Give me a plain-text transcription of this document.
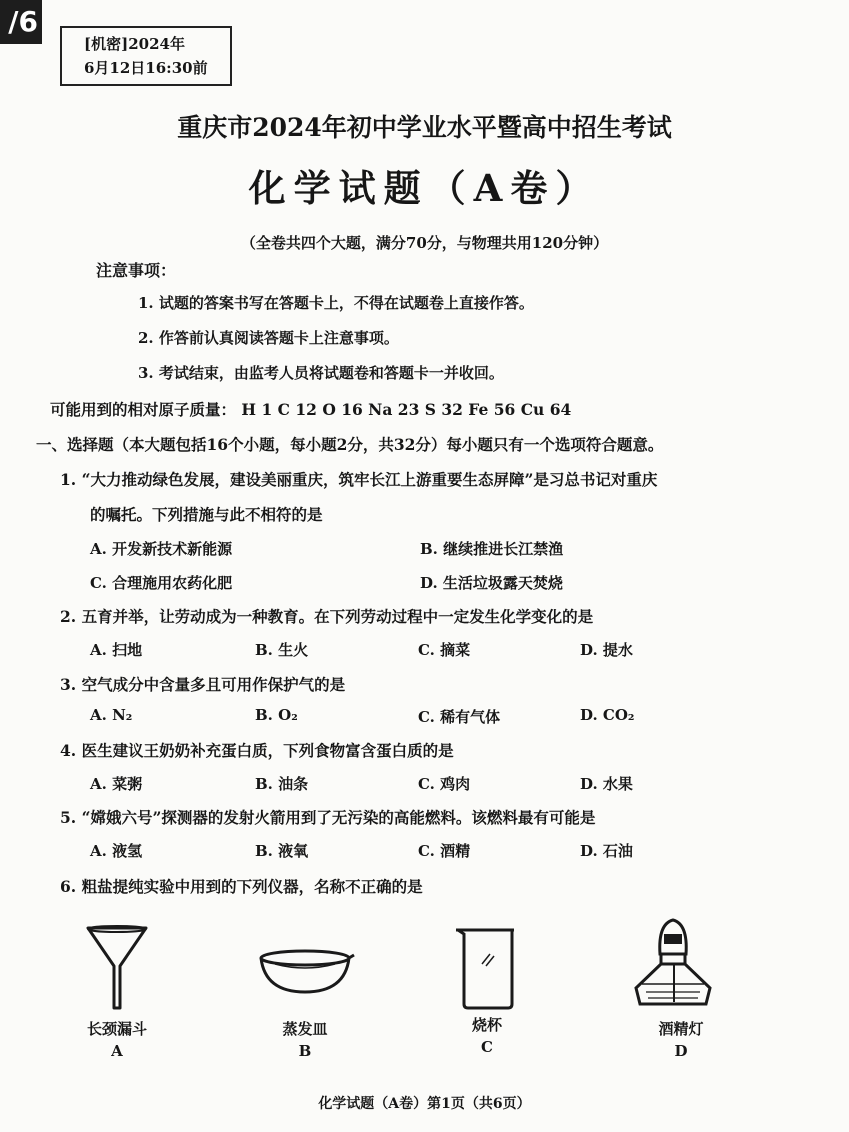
/6
[机密]2024年
6月12日16:30前
重庆市2024年初中学业水平暨高中招生考试
化学试题（A卷）
（全卷共四个大题，满分70分，与物理共用120分钟）
注意事项：
1. 试题的答案书写在答题卡上，不得在试题卷上直接作答。
2. 作答前认真阅读答题卡上注意事项。
3. 考试结束，由监考人员将试题卷和答题卡一并收回。
可能用到的相对原子质量： H 1 C 12 O 16 Na 23 S 32 Fe 56 Cu 64
一、选择题（本大题包括16个小题，每小题2分，共32分）每小题只有一个选项符合题意。
1. “大力推动绿色发展，建设美丽重庆，筑牢长江上游重要生态屏障”是习总书记对重庆
的嘱托。下列措施与此不相符的是
A. 开发新技术新能源	B. 继续推进长江禁渔
C. 合理施用农药化肥	D. 生活垃圾露天焚烧
2. 五育并举，让劳动成为一种教育。在下列劳动过程中一定发生化学变化的是
A. 扫地	B. 生火	C. 摘菜	D. 提水
3. 空气成分中含量多且可用作保护气的是
A. N₂	B. O₂	C. 稀有气体	D. CO₂
4. 医生建议王奶奶补充蛋白质，下列食物富含蛋白质的是
A. 菜粥	B. 油条	C. 鸡肉	D. 水果
5. “嫦娥六号”探测器的发射火箭用到了无污染的高能燃料。该燃料最有可能是
A. 液氢	B. 液氧	C. 酒精	D. 石油
6. 粗盐提纯实验中用到的下列仪器，名称不正确的是
长颈漏斗
A
蒸发皿
B
烧杯
C
酒精灯
D
化学试题（A卷）第1页（共6页）
